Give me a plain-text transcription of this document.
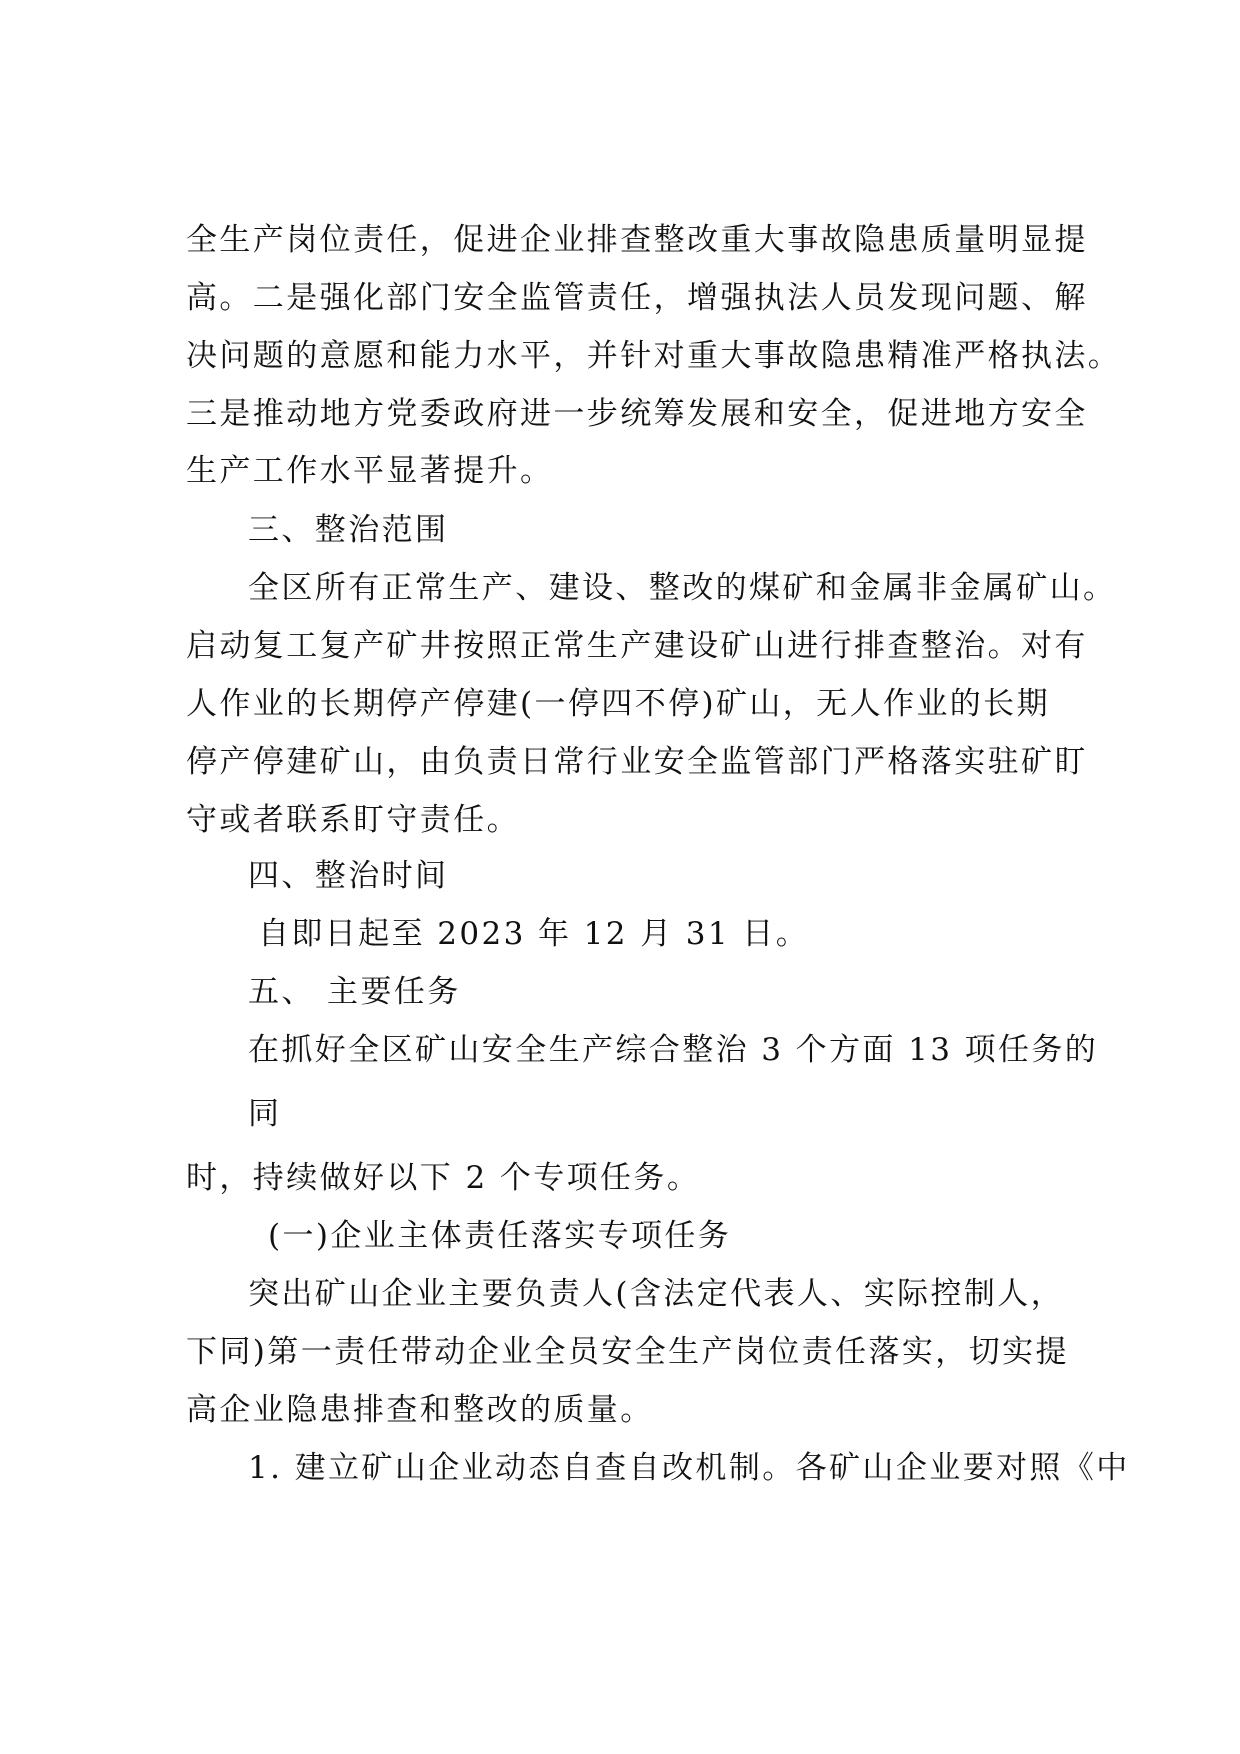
全生产岗位责任，促进企业排查整改重大事故隐患质量明显提

高。二是强化部门安全监管责任，增强执法人员发现问题、解

决问题的意愿和能力水平，并针对重大事故隐患精准严格执法。

三是推动地方党委政府进一步统筹发展和安全，促进地方安全

生产工作水平显著提升。

三、整治范围

全区所有正常生产、建设、整改的煤矿和金属非金属矿山。

启动复工复产矿井按照正常生产建设矿山进行排查整治。对有

人作业的长期停产停建(一停四不停)矿山，无人作业的长期

停产停建矿山，由负责日常行业安全监管部门严格落实驻矿盯

守或者联系盯守责任。

四、整治时间

自即日起至 2023 年 12 月 31 日。

五、 主要任务

在抓好全区矿山安全生产综合整治 3 个方面 13 项任务的

同

时，持续做好以下 2 个专项任务。

(一)企业主体责任落实专项任务

突出矿山企业主要负责人(含法定代表人、实际控制人，

下同)第一责任带动企业全员安全生产岗位责任落实，切实提

高企业隐患排查和整改的质量。

1. 建立矿山企业动态自查自改机制。各矿山企业要对照《中
